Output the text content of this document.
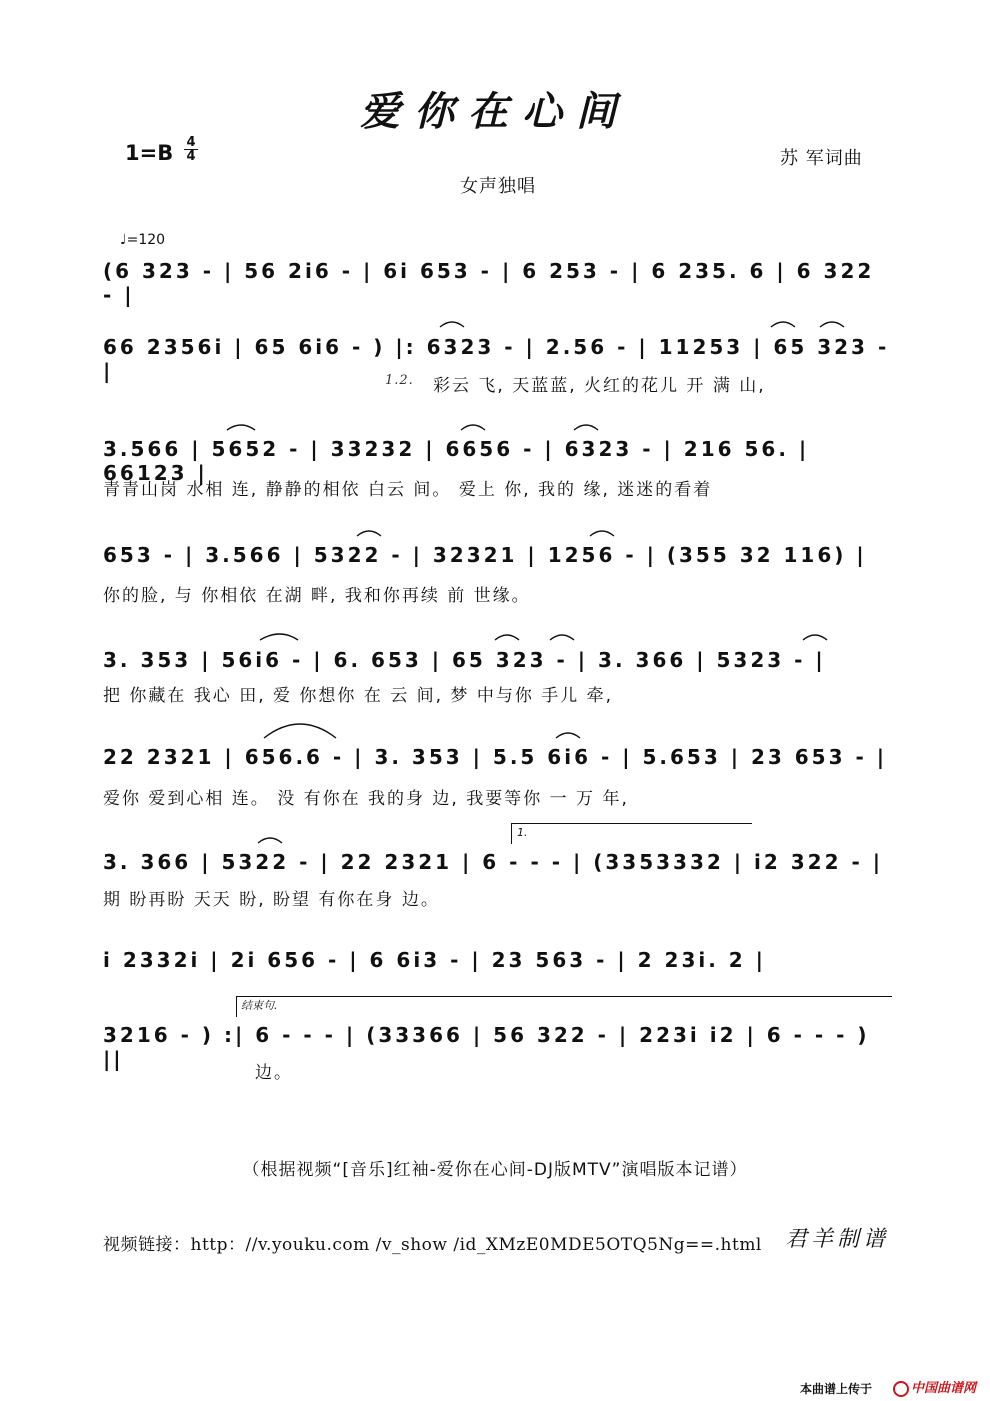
爱你在心间
$1=B \frac{4}{4}$	苏 军词曲
女声独唱
♩=120
(6 323 - | 56 2i6 - | 6i 653 - | 6 253 - | 6 235. 6 | 6 322 - |
66 2356i | 65 6i6 - ) |: 6323 - | 2.56 - | 11253 | 65 323 - |	1.2. 彩云 飞, 天蓝蓝, 火红的花儿 开 满 山,
3.566 | 5652 - | 33232 | 6656 - | 6323 - | 216 56. | 66123 |
青青山岗 水相 连, 静静的相依 白云 间。 爱上 你, 我的 缘, 迷迷的看着
653 - | 3.566 | 5322 - | 32321 | 1256 - | (355 32 116) |
你的脸, 与 你相依 在湖 畔, 我和你再续 前 世缘。
3. 353 | 56i6 - | 6. 653 | 65 323 - | 3. 366 | 5323 - |
把 你藏在 我心 田, 爱 你想你 在 云 间, 梦 中与你 手儿 牵,
22 2321 | 656.6 - | 3. 353 | 5.5 6i6 - | 5.653 | 23 653 - |
爱你 爱到心相 连。 没 有你在 我的身 边, 我要等你 一 万 年,
1.
3. 366 | 5322 - | 22 2321 | 6 - - - | (3353332 | i2 322 - |
期 盼再盼 天天 盼, 盼望 有你在身 边。
i 2332i | 2i 656 - | 6 6i3 - | 23 563 - | 2 23i. 2 |
结束句.
3216 - ) :| 6 - - - | (33366 | 56 322 - | 223i i2 | 6 - - - ) ||
边。
（根据视频“[音乐]红袖-爱你在心间-DJ版MTV”演唱版本记谱）
视频链接：http：//v.youku.com /v_show /id_XMzE0MDE5OTQ5Ng==.html 君羊制谱
本曲谱上传于	中国曲谱网
